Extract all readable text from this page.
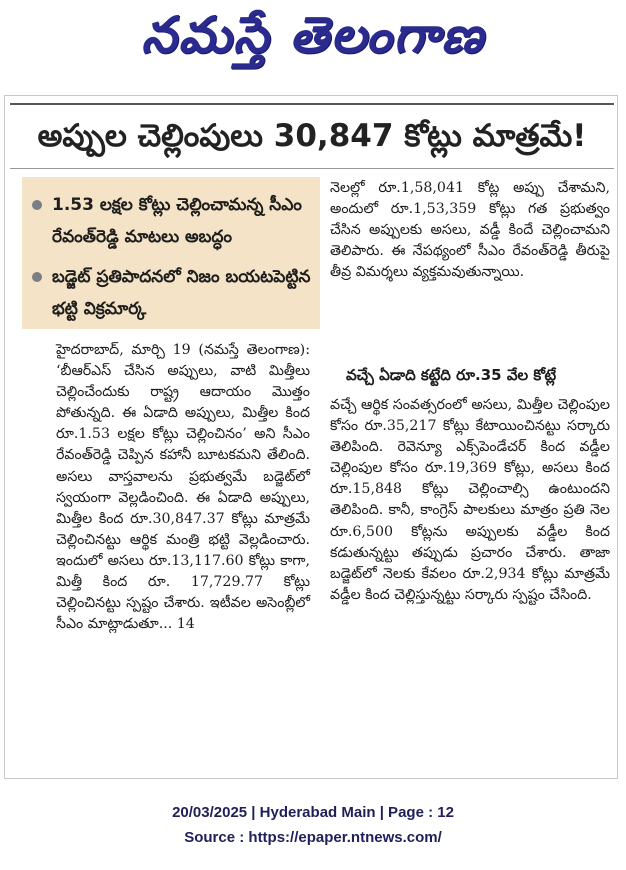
నమస్తే తెలంగాణ
అప్పుల చెల్లింపులు 30,847 కోట్లు మాత్రమే!
1.53 లక్షల కోట్లు చెల్లించామన్న సీఎం రేవంత్‌రెడ్డి మాటలు అబద్ధం
బడ్జెట్ ప్రతిపాదనలో నిజం బయటపెట్టిన భట్టి విక్రమార్క
హైదరాబాద్, మార్చి 19 (నమస్తే తెలంగాణ): ‘బీఆర్‌ఎస్ చేసిన అప్పులు, వాటి మిత్తీలు చెల్లించేందుకు రాష్ట్ర ఆదాయం మొత్తం పోతున్నది. ఈ ఏడాది అప్పులు, మిత్తీల కింద రూ.1.53 లక్షల కోట్లు చెల్లించినం’ అని సీఎం రేవంత్‌రెడ్డి చెప్పిన కహానీ బూటకమని తేలింది. అసలు వాస్తవాలను ప్రభుత్వమే బడ్జెట్‌లో స్వయంగా వెల్లడించింది. ఈ ఏడాది అప్పులు, మిత్తీల కింద రూ.30,847.37 కోట్లు మాత్రమే చెల్లించినట్టు ఆర్థిక మంత్రి భట్టి వెల్లడించారు. ఇందులో అసలు రూ.13,117.60 కోట్లు కాగా, మిత్తీ కింద రూ. 17,729.77 కోట్లు చెల్లించినట్టు స్పష్టం చేశారు. ఇటీవల అసెంబ్లీలో సీఎం మాట్లాడుతూ... 14
నెలల్లో రూ.1,58,041 కోట్ల అప్పు చేశామని, అందులో రూ.1,53,359 కోట్లు గత ప్రభుత్వం చేసిన అప్పులకు అసలు, వడ్డీ కిందే చెల్లించామని తెలిపారు. ఈ నేపథ్యంలో సీఎం రేవంత్‌రెడ్డి తీరుపై తీవ్ర విమర్శలు వ్యక్తమవుతున్నాయి.
వచ్చే ఏడాది కట్టేది రూ.35 వేల కోట్లే
వచ్చే ఆర్థిక సంవత్సరంలో అసలు, మిత్తీల చెల్లింపుల కోసం రూ.35,217 కోట్లు కేటాయించినట్టు సర్కారు తెలిపింది. రెవెన్యూ ఎక్స్‌పెండేచర్ కింద వడ్డీల చెల్లింపుల కోసం రూ.19,369 కోట్లు, అసలు కింద రూ.15,848 కోట్లు చెల్లించాల్సి ఉంటుందని తెలిపింది. కానీ, కాంగ్రెస్ పాలకులు మాత్రం ప్రతి నెల రూ.6,500 కోట్లను అప్పులకు వడ్డీల కింద కడుతున్నట్టు తప్పుడు ప్రచారం చేశారు. తాజా బడ్జెట్‌లో నెలకు కేవలం రూ.2,934 కోట్లు మాత్రమే వడ్డీల కింద చెల్లిస్తున్నట్టు సర్కారు స్పష్టం చేసింది.
20/03/2025 | Hyderabad Main | Page : 12
Source : https://epaper.ntnews.com/
